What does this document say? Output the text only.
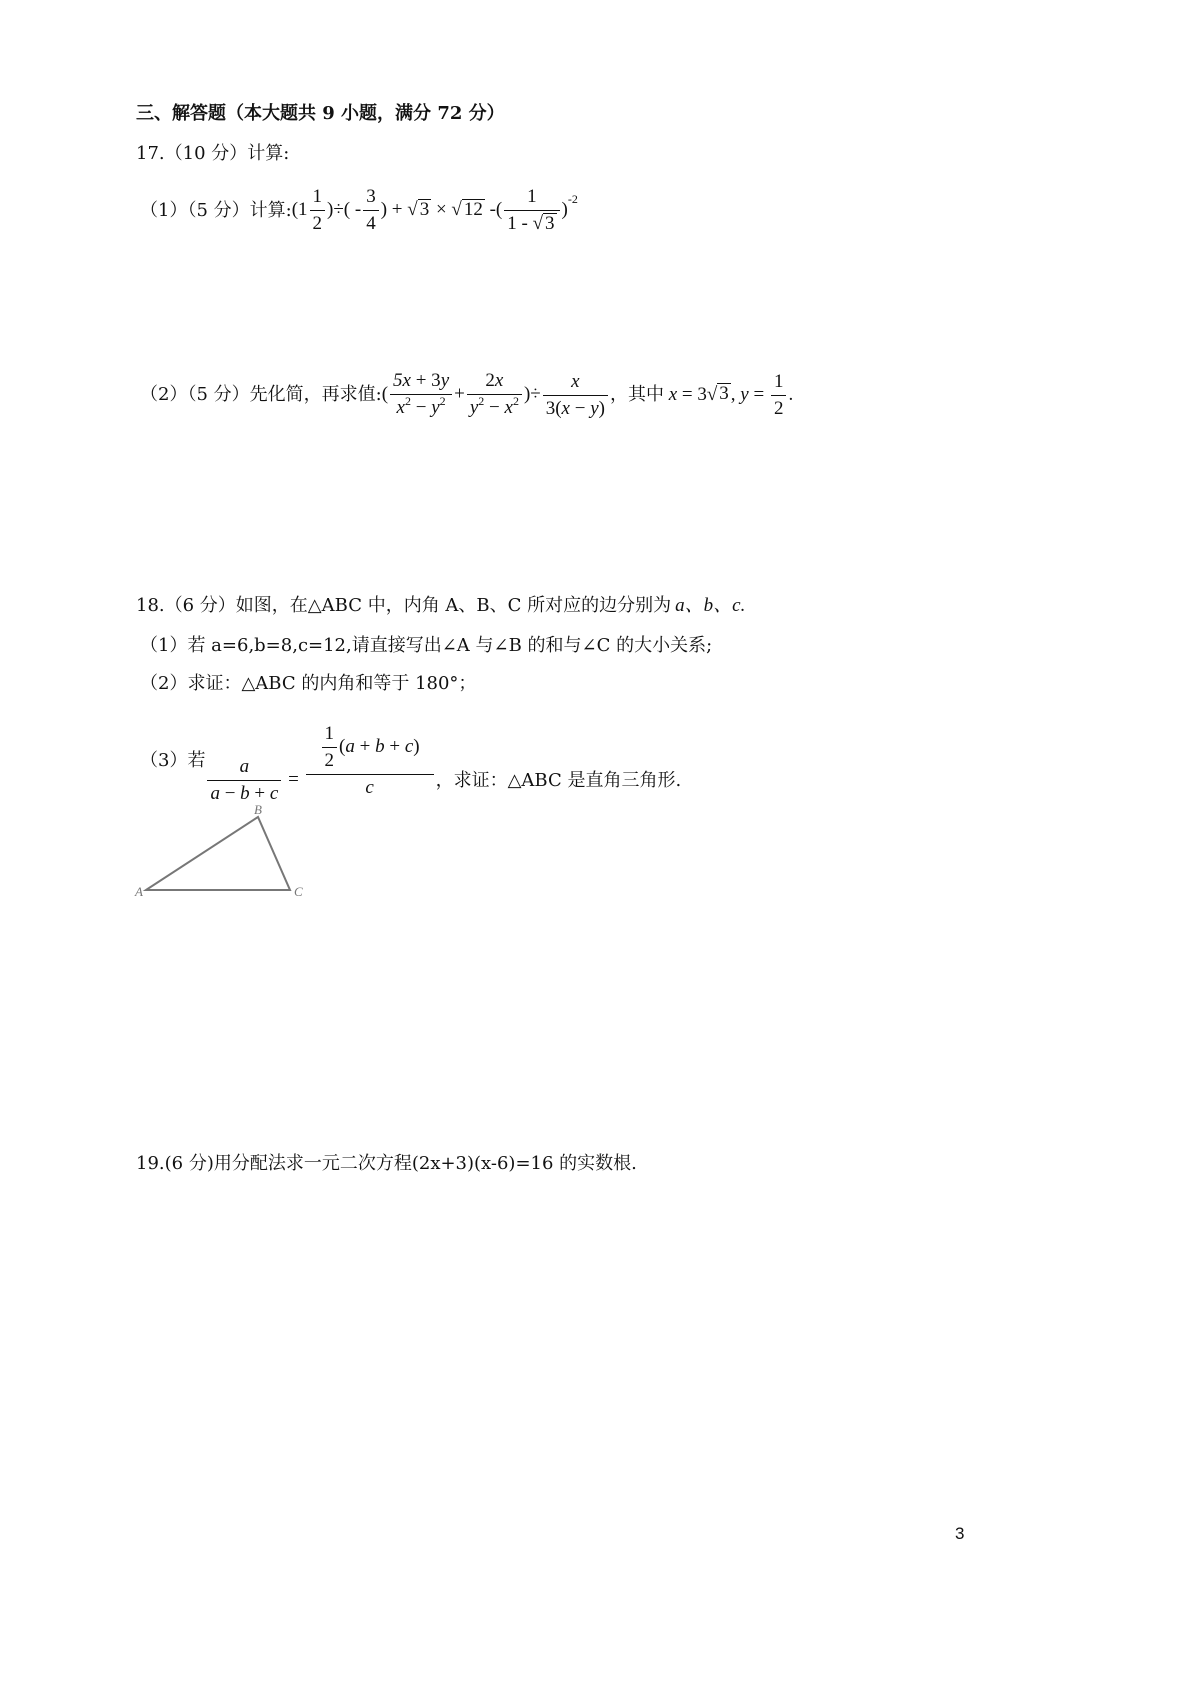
三、解答题（本大题共 9 小题，满分 72 分）
17.（10 分）计算:
（1）（5 分）计算: ($1 \frac{1}{2}$ )÷( - $\frac{3}{4}$ ) + √ 3 × √ 12 -( $\frac{1}{1 - √ 3} )^{-2}$
（2）（5 分）先化简，再求值: ( $\frac{5x + 3y}{x^2 - y^2} + \frac{2x}{y^2 - x^2}$ )÷ $\frac{x}{3(x - y)}$ ，其中 x = 3√ 3 , $y = \frac{1}{2}$ .
18.（6 分）如图，在△ABC 中，内角 A、B、C 所对应的边分别为 a、b、c.
（1）若 a=6,b=8,c=12,请直接写出∠A 与∠B 的和与∠C 的大小关系;
（2）求证：△ABC 的内角和等于 180°；
（3）若 $\frac{a}{a - b + c} = \frac{\frac{1}{2} (a + b + c)}{c}$ ，求证：△ABC 是直角三角形.
A
B
C
19.(6 分)用分配法求一元二次方程(2x+3)(x-6)=16 的实数根.
3
